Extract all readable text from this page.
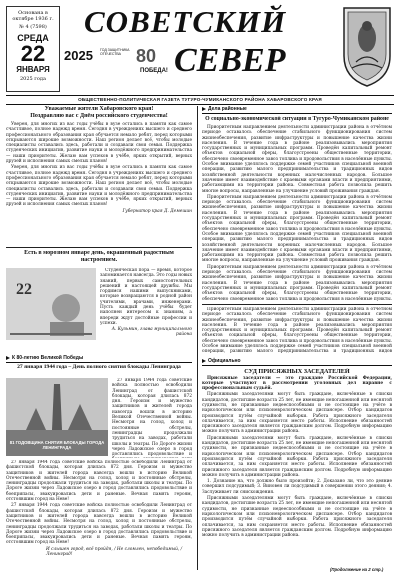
Основана в октябре 1936 г.
№ 4 (7598)
СРЕДА
22
ЯНВАРЯ
2025 года
СОВЕТСКИЙ
2025 ГОД ЗАЩИТНИКА ОТЕЧЕСТВА 80
ПОБЕДА! СЕВЕР
ОБЩЕСТВЕННО-ПОЛИТИЧЕСКАЯ ГАЗЕТА ТУГУРО-ЧУМИКАНСКОГО РАЙОНА ХАБАРОВСКОГО КРАЯ
Уважаемые жители Хабаровского края!
Поздравляю вас с Днём российского студенчества!

Уверен, для многих из вас годы учёбы в вузе остались в памяти как самое счастливое, полное надежд время. Сегодня в учреждениях высшего и среднего профессионального образования края обучается немало ребят, перед которыми открываются широкие возможности. Наш регион делает всё, чтобы молодые специалисты оставались здесь, работали и создавали свои семьи. Поддержка студенческих инициатив, развитие науки и молодёжного предпринимательства — наши приоритеты. Желаю вам успехов в учёбе, ярких открытий, верных друзей и исполнения самых смелых планов!

Уверен, для многих из вас годы учёбы в вузе остались в памяти как самое счастливое, полное надежд время. Сегодня в учреждениях высшего и среднего профессионального образования края обучается немало ребят, перед которыми открываются широкие возможности. Наш регион делает всё, чтобы молодые специалисты оставались здесь, работали и создавали свои семьи. Поддержка студенческих инициатив, развитие науки и молодёжного предпринимательства — наши приоритеты. Желаю вам успехов в учёбе, ярких открытий, верных друзей и исполнения самых смелых планов!

Губернатор края Д. Демешин
Есть в морозном январе день, окрашенный радостным настроением.
22

Студенческая пора — время, которое запоминается навсегда. Это годы новых знаний, первых самостоятельных решений и настоящей дружбы. Мы гордимся нашими выпускниками, которые возвращаются в родной район учителями, врачами, инженерами. Пусть каждый день учёбы будет наполнен интересом к знаниям, а впереди ждут достойные профессии и успехи.

А. Кузьмин, глава муниципального района
К 80-летию Великой Победы
27 января 1944 года – День полного снятия блокады Ленинграда
81 ГОДОВЩИНА СНЯТИЯ БЛОКАДЫ ГОРОДА ЛЕНИНГРАДА

27 января 1944 года советские войска полностью освободили Ленинград от фашистской блокады, которая длилась 872 дня. Героизм и мужество защитников и жителей города навсегда вошли в историю Великой Отечественной войны. Несмотря на голод, холод и постоянные обстрелы, ленинградцы продолжали трудиться на заводах, работали школы и театры. По Дороге жизни через Ладожское озеро в город доставлялись продовольствие и

27 января 1944 года советские войска полностью освободили Ленинград от фашистской блокады, которая длилась 872 дня. Героизм и мужество защитников и жителей города навсегда вошли в историю Великой Отечественной войны. Несмотря на голод, холод и постоянные обстрелы, ленинградцы продолжали трудиться на заводах, работали школы и театры. По Дороге жизни через Ладожское озеро в город доставлялись продовольствие и боеприпасы, эвакуировались дети и раненые. Вечная память героям, отстоявшим город на Неве!

27 января 1944 года советские войска полностью освободили Ленинград от фашистской блокады, которая длилась 872 дня. Героизм и мужество защитников и жителей города навсегда вошли в историю Великой Отечественной войны. Несмотря на голод, холод и постоянные обстрелы, ленинградцы продолжали трудиться на заводах, работали школы и театры. По Дороге жизни через Ладожское озеро в город доставлялись продовольствие и боеприпасы, эвакуировались дети и раненые. Вечная память героям, отстоявшим город на Неве!

И слышен город, всё пройдя, / Не сломлен, непобедимый, / Ленинград!
Дела районные
О социально-экономической ситуации в Тугуро-Чумиканском районе

Приоритетным направлением деятельности администрации района в отчётном периоде оставалось обеспечение стабильного функционирования систем жизнеобеспечения, развитие инфраструктуры и повышение качества жизни населения. В течение года в районе реализовывались мероприятия государственных и муниципальных программ. Проведён капитальный ремонт объектов социальной сферы, благоустроены общественные территории, обеспечено своевременное завоз топлива и продовольствия в населённые пункты. Особое внимание уделялось поддержке семей участников специальной военной операции, развитию малого предпринимательства и традиционных видов хозяйственной деятельности коренных малочисленных народов. Большое значение имеет взаимодействие с краевыми органами власти и предприятиями, работающими на территории района. Совместная работа позволила решить многие вопросы, направленные на улучшение условий проживания граждан.

Приоритетным направлением деятельности администрации района в отчётном периоде оставалось обеспечение стабильного функционирования систем жизнеобеспечения, развитие инфраструктуры и повышение качества жизни населения. В течение года в районе реализовывались мероприятия государственных и муниципальных программ. Проведён капитальный ремонт объектов социальной сферы, благоустроены общественные территории, обеспечено своевременное завоз топлива и продовольствия в населённые пункты. Особое внимание уделялось поддержке семей участников специальной военной операции, развитию малого предпринимательства и традиционных видов хозяйственной деятельности коренных малочисленных народов. Большое значение имеет взаимодействие с краевыми органами власти и предприятиями, работающими на территории района. Совместная работа позволила решить многие вопросы, направленные на улучшение условий проживания граждан.

Приоритетным направлением деятельности администрации района в отчётном периоде оставалось обеспечение стабильного функционирования систем жизнеобеспечения, развитие инфраструктуры и повышение качества жизни населения. В течение года в районе реализовывались мероприятия государственных и муниципальных программ. Проведён капитальный ремонт объектов социальной сферы, благоустроены общественные территории, обеспечено своевременное завоз топлива и продовольствия в населённые пункты.

Приоритетным направлением деятельности администрации района в отчётном периоде оставалось обеспечение стабильного функционирования систем жизнеобеспечения, развитие инфраструктуры и повышение качества жизни населения. В течение года в районе реализовывались мероприятия государственных и муниципальных программ. Проведён капитальный ремонт объектов социальной сферы, благоустроены общественные территории, обеспечено своевременное завоз топлива и продовольствия в населённые пункты. Особое внимание уделялось поддержке семей участников специальной военной операции, развитию малого предпринимательства и традиционных видов

Официально
СУД ПРИСЯЖНЫХ ЗАСЕДАТЕЛЕЙ

Присяжные заседатели — это граждане Российской Федерации, которые участвуют в рассмотрении уголовных дел наравне с профессиональным судьёй.

Присяжными заседателями могут быть граждане, включённые в списки кандидатов, достигшие возраста 25 лет, не имеющие непогашенной или неснятой судимости, не признанные недееспособными и не состоящие на учёте в наркологическом или психоневрологическом диспансере. Отбор кандидатов производится путём случайной выборки. Работа присяжного заседателя оплачивается, за ним сохраняется место работы. Исполнение обязанностей присяжного заседателя является гражданским долгом. Подробную информацию можно получить в администрации района.

Присяжными заседателями могут быть граждане, включённые в списки кандидатов, достигшие возраста 25 лет, не имеющие непогашенной или неснятой судимости, не признанные недееспособными и не состоящие на учёте в наркологическом или психоневрологическом диспансере. Отбор кандидатов производится путём случайной выборки. Работа присяжного заседателя оплачивается, за ним сохраняется место работы. Исполнение обязанностей присяжного заседателя является гражданским долгом. Подробную информацию можно получить в администрации района.

1. Дознание на, что должно было произойти; 2. Доказано ли, что это деяние совершил подсудимый; 3. Виновен ли подсудимый в совершении этого деяния; 4. Заслуживает ли снисхождения.

Присяжными заседателями могут быть граждане, включённые в списки кандидатов, достигшие возраста 25 лет, не имеющие непогашенной или неснятой судимости, не признанные недееспособными и не состоящие на учёте в наркологическом или психоневрологическом диспансере. Отбор кандидатов производится путём случайной выборки. Работа присяжного заседателя оплачивается, за ним сохраняется место работы. Исполнение обязанностей присяжного заседателя является гражданским долгом. Подробную информацию можно получить в администрации района.

(Продолжение на 2 стр.)
